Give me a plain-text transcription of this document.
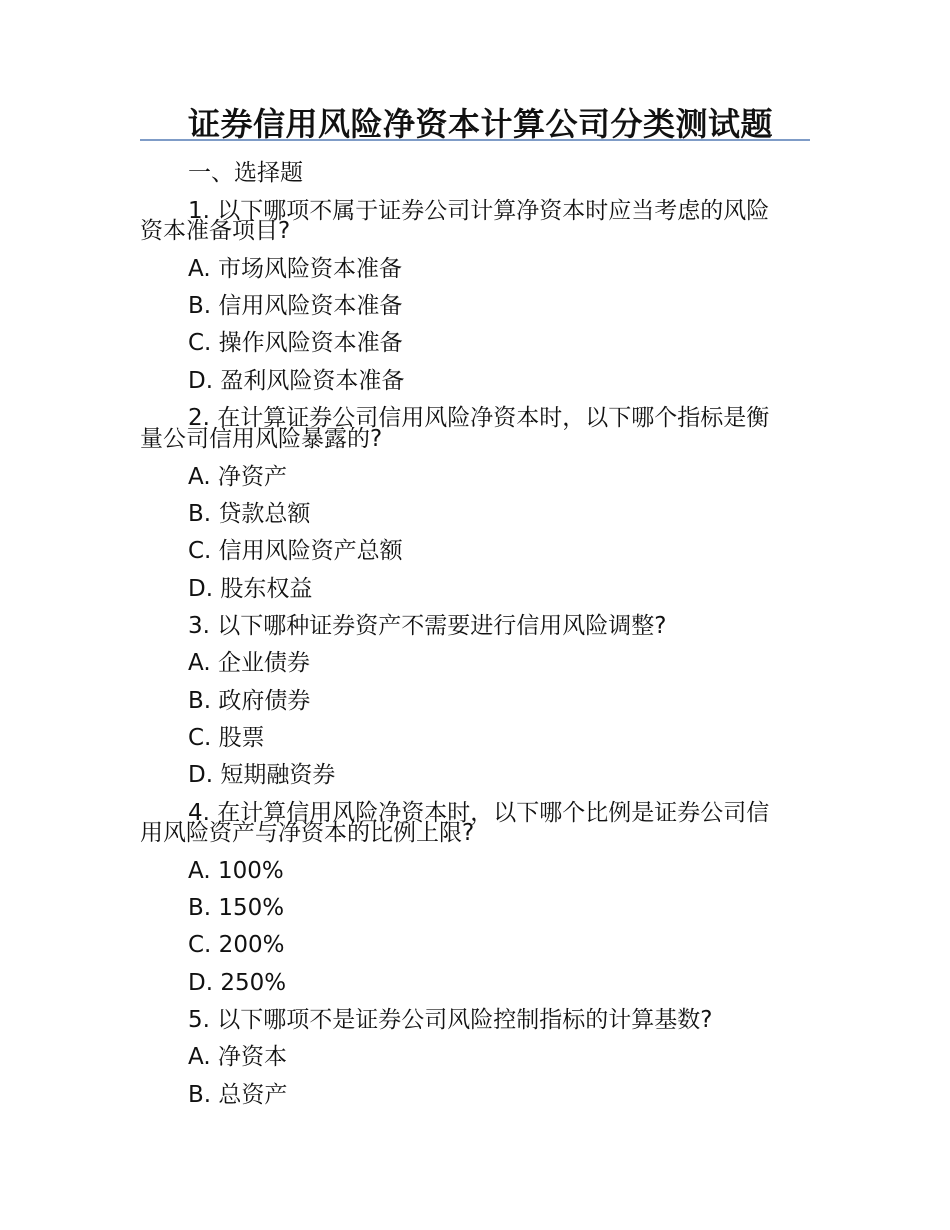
证券信用风险净资本计算公司分类测试题
一、选择题
1. 以下哪项不属于证券公司计算净资本时应当考虑的风险
资本准备项目?
A. 市场风险资本准备
B. 信用风险资本准备
C. 操作风险资本准备
D. 盈利风险资本准备
2. 在计算证券公司信用风险净资本时，以下哪个指标是衡
量公司信用风险暴露的?
A. 净资产
B. 贷款总额
C. 信用风险资产总额
D. 股东权益
3. 以下哪种证券资产不需要进行信用风险调整?
A. 企业债券
B. 政府债券
C. 股票
D. 短期融资券
4. 在计算信用风险净资本时，以下哪个比例是证券公司信
用风险资产与净资本的比例上限?
A. 100%
B. 150%
C. 200%
D. 250%
5. 以下哪项不是证券公司风险控制指标的计算基数?
A. 净资本
B. 总资产
